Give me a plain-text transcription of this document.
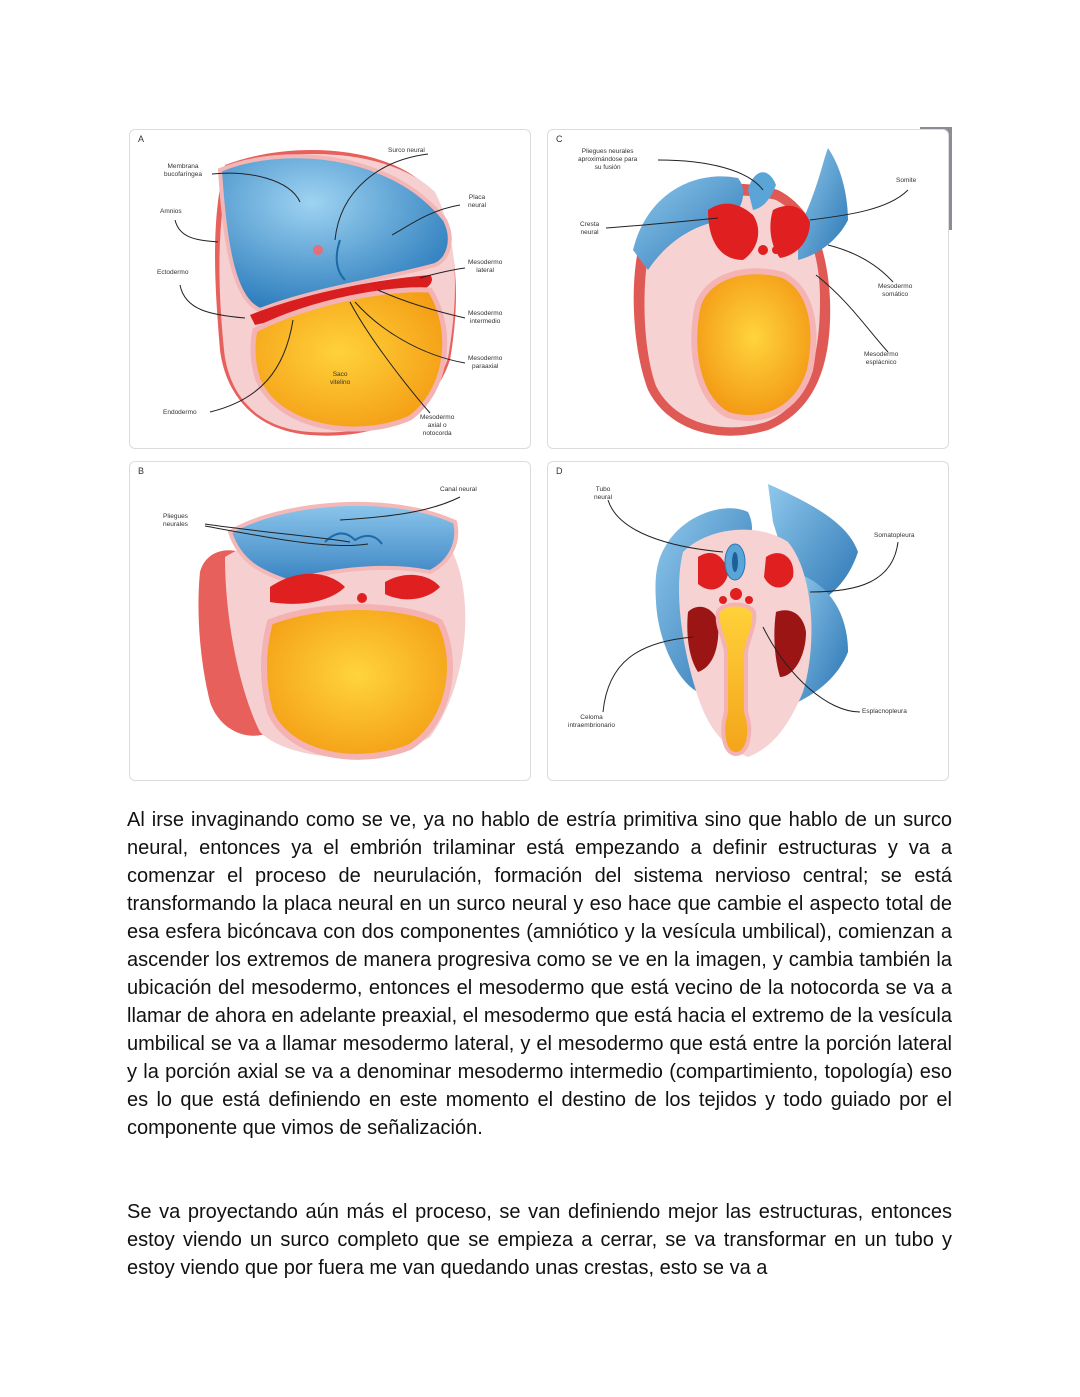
A
Membrana
bucofaríngea
Surco neural
Amnios
Placa
neural
Ectodermo
Mesodermo
lateral
Mesodermo
intermedio
Mesodermo
paraaxial
Saco
vitelino
Endodermo
Mesodermo
axial o
notocorda
C
Pliegues neurales
aproximándose para
su fusión
Cresta
neural
Somite
Mesodermo
somático
Mesodermo
esplácnico
B
Canal neural
Pliegues
neurales
D
Tubo
neural
Somatopleura
Celoma
intraembrionario
Esplacnopleura

Al irse invaginando como se ve, ya no hablo de estría primitiva sino que hablo de un surco neural, entonces ya el embrión trilaminar está empezando a definir estructuras y va a comenzar el proceso de neurulación, formación del sistema nervioso central; se está transformando la placa neural en un surco neural y eso hace que cambie el aspecto total de esa esfera bicóncava con dos componentes (amniótico y la vesícula umbilical), comienzan a ascender los extremos de manera progresiva como se ve en la imagen, y cambia también la ubicación del mesodermo, entonces el mesodermo que está vecino de la notocorda se va a llamar de ahora en adelante preaxial, el mesodermo que está hacia el extremo de la vesícula umbilical se va a llamar mesodermo lateral, y el mesodermo que está entre la porción lateral y la porción axial se va a denominar mesodermo intermedio (compartimiento, topología) eso es lo que está definiendo en este momento el destino de los tejidos y todo guiado por el componente que vimos de señalización.

Se va proyectando aún más el proceso, se van definiendo mejor las estructuras, entonces estoy viendo un surco completo que se empieza a cerrar, se va transformar en un tubo y estoy viendo que por fuera me van quedando unas crestas, esto se va a
